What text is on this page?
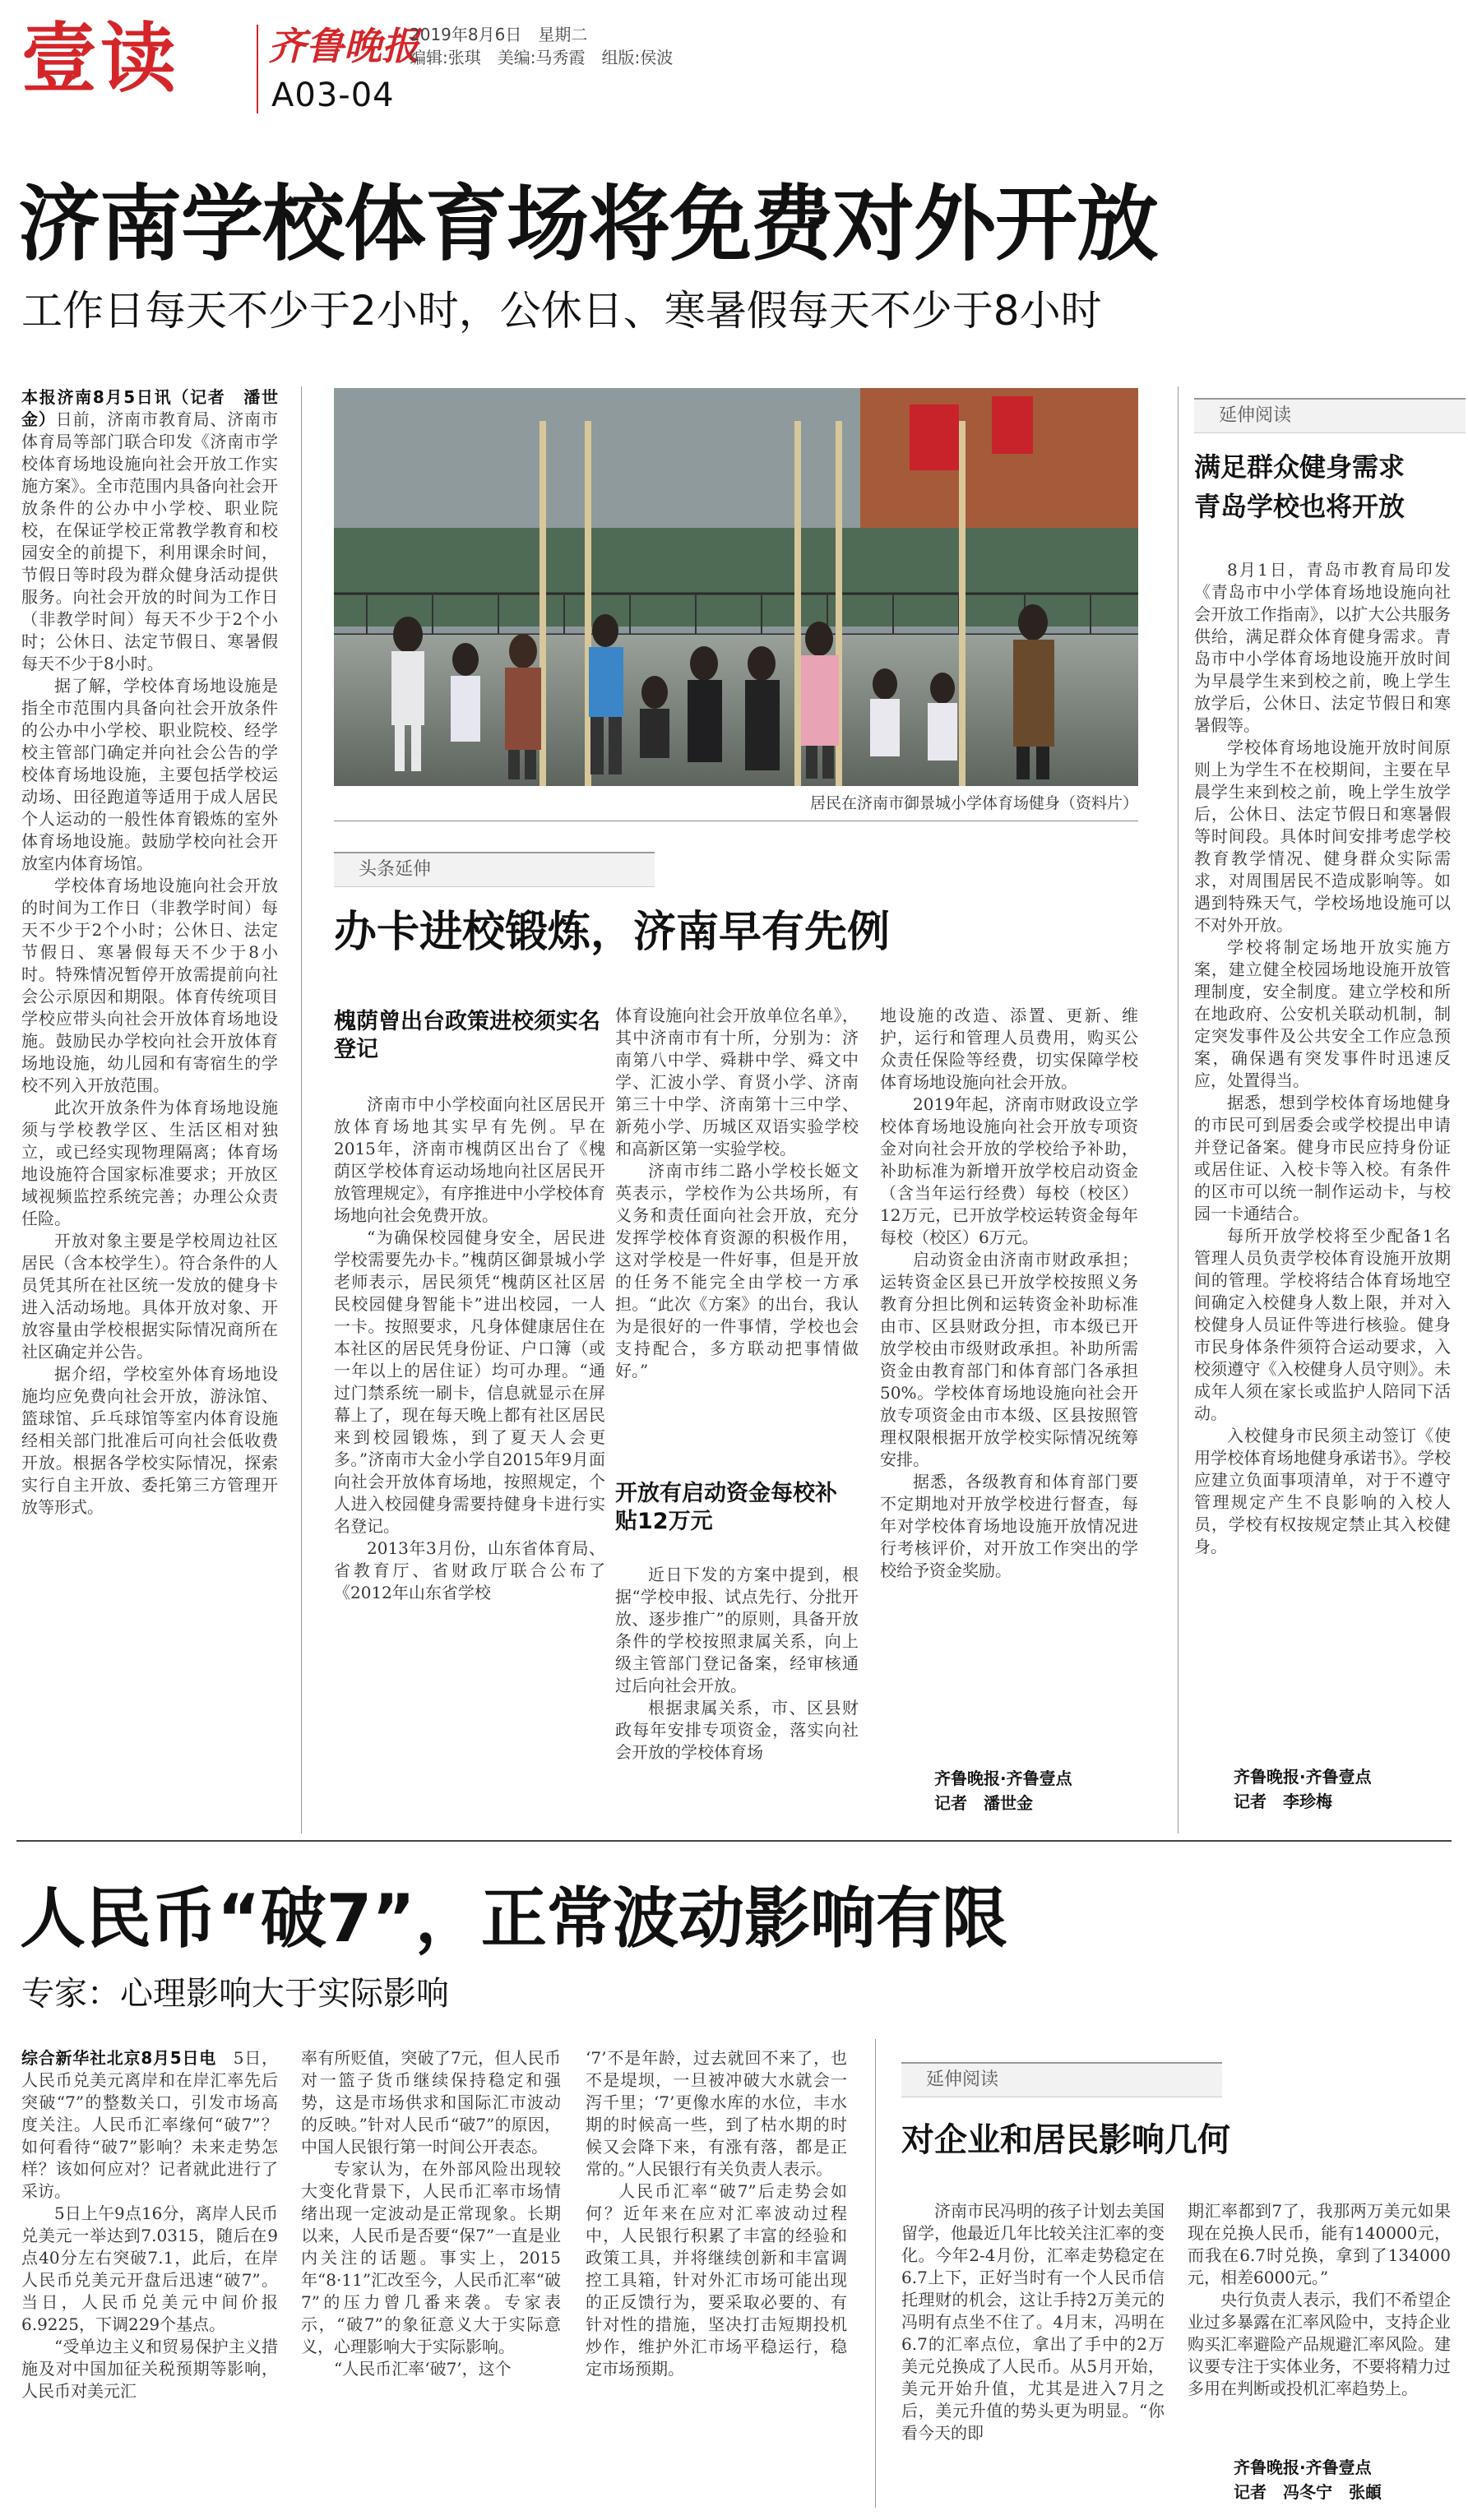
壹读 齐鲁晚报
2019年8月6日　星期二
编辑:张琪　美编:马秀霞　组版:侯波
A03-04
济南学校体育场将免费对外开放
工作日每天不少于2小时，公休日、寒暑假每天不少于8小时

本报济南8月5日讯（记者　潘世金）日前，济南市教育局、济南市体育局等部门联合印发《济南市学校体育场地设施向社会开放工作实施方案》。全市范围内具备向社会开放条件的公办中小学校、职业院校，在保证学校正常教学教育和校园安全的前提下，利用课余时间，节假日等时段为群众健身活动提供服务。向社会开放的时间为工作日（非教学时间）每天不少于2个小时；公休日、法定节假日、寒暑假每天不少于8小时。

据了解，学校体育场地设施是指全市范围内具备向社会开放条件的公办中小学校、职业院校、经学校主管部门确定并向社会公告的学校体育场地设施，主要包括学校运动场、田径跑道等适用于成人居民个人运动的一般性体育锻炼的室外体育场地设施。鼓励学校向社会开放室内体育场馆。

学校体育场地设施向社会开放的时间为工作日（非教学时间）每天不少于2个小时；公休日、法定节假日、寒暑假每天不少于8小时。特殊情况暂停开放需提前向社会公示原因和期限。体育传统项目学校应带头向社会开放体育场地设施。鼓励民办学校向社会开放体育场地设施，幼儿园和有寄宿生的学校不列入开放范围。

此次开放条件为体育场地设施须与学校教学区、生活区相对独立，或已经实现物理隔离；体育场地设施符合国家标准要求；开放区域视频监控系统完善；办理公众责任险。

开放对象主要是学校周边社区居民（含本校学生）。符合条件的人员凭其所在社区统一发放的健身卡进入活动场地。具体开放对象、开放容量由学校根据实际情况商所在社区确定并公告。

据介绍，学校室外体育场地设施均应免费向社会开放，游泳馆、篮球馆、乒乓球馆等室内体育设施经相关部门批准后可向社会低收费开放。根据各学校实际情况，探索实行自主开放、委托第三方管理开放等形式。

居民在济南市御景城小学体育场健身（资料片）
头条延伸
办卡进校锻炼，济南早有先例
槐荫曾出台政策进校须实名登记

济南市中小学校面向社区居民开放体育场地其实早有先例。早在2015年，济南市槐荫区出台了《槐荫区学校体育运动场地向社区居民开放管理规定》，有序推进中小学校体育场地向社会免费开放。

“为确保校园健身安全，居民进学校需要先办卡。”槐荫区御景城小学老师表示，居民须凭“槐荫区社区居民校园健身智能卡”进出校园，一人一卡。按照要求，凡身体健康居住在本社区的居民凭身份证、户口簿（或一年以上的居住证）均可办理。“通过门禁系统一刷卡，信息就显示在屏幕上了，现在每天晚上都有社区居民来到校园锻炼，到了夏天人会更多。”济南市大金小学自2015年9月面向社会开放体育场地，按照规定，个人进入校园健身需要持健身卡进行实名登记。

2013年3月份，山东省体育局、省教育厅、省财政厅联合公布了《2012年山东省学校

体育设施向社会开放单位名单》，其中济南市有十所，分别为：济南第八中学、舜耕中学、舜文中学、汇波小学、育贤小学、济南第三十中学、济南第十三中学、新苑小学、历城区双语实验学校和高新区第一实验学校。

济南市纬二路小学校长姬文英表示，学校作为公共场所，有义务和责任面向社会开放，充分发挥学校体育资源的积极作用，这对学校是一件好事，但是开放的任务不能完全由学校一方承担。“此次《方案》的出台，我认为是很好的一件事情，学校也会支持配合，多方联动把事情做好。”

开放有启动资金每校补贴12万元

近日下发的方案中提到，根据“学校申报、试点先行、分批开放、逐步推广”的原则，具备开放条件的学校按照隶属关系，向上级主管部门登记备案，经审核通过后向社会开放。

根据隶属关系，市、区县财政每年安排专项资金，落实向社会开放的学校体育场

地设施的改造、添置、更新、维护，运行和管理人员费用，购买公众责任保险等经费，切实保障学校体育场地设施向社会开放。

2019年起，济南市财政设立学校体育场地设施向社会开放专项资金对向社会开放的学校给予补助，补助标准为新增开放学校启动资金（含当年运行经费）每校（校区）12万元，已开放学校运转资金每年每校（校区）6万元。

启动资金由济南市财政承担；运转资金区县已开放学校按照义务教育分担比例和运转资金补助标准由市、区县财政分担，市本级已开放学校由市级财政承担。补助所需资金由教育部门和体育部门各承担50%。学校体育场地设施向社会开放专项资金由市本级、区县按照管理权限根据开放学校实际情况统筹安排。

据悉，各级教育和体育部门要不定期地对开放学校进行督查，每年对学校体育场地设施开放情况进行考核评价，对开放工作突出的学校给予资金奖励。

齐鲁晚报·齐鲁壹点
记者　潘世金
延伸阅读
满足群众健身需求
青岛学校也将开放

8月1日，青岛市教育局印发《青岛市中小学体育场地设施向社会开放工作指南》，以扩大公共服务供给，满足群众体育健身需求。青岛市中小学体育场地设施开放时间为早晨学生来到校之前，晚上学生放学后，公休日、法定节假日和寒暑假等。

学校体育场地设施开放时间原则上为学生不在校期间，主要在早晨学生来到校之前，晚上学生放学后，公休日、法定节假日和寒暑假等时间段。具体时间安排考虑学校教育教学情况、健身群众实际需求，对周围居民不造成影响等。如遇到特殊天气，学校场地设施可以不对外开放。

学校将制定场地开放实施方案，建立健全校园场地设施开放管理制度，安全制度。建立学校和所在地政府、公安机关联动机制，制定突发事件及公共安全工作应急预案，确保遇有突发事件时迅速反应，处置得当。

据悉，想到学校体育场地健身的市民可到居委会或学校提出申请并登记备案。健身市民应持身份证或居住证、入校卡等入校。有条件的区市可以统一制作运动卡，与校园一卡通结合。

每所开放学校将至少配备1名管理人员负责学校体育设施开放期间的管理。学校将结合体育场地空间确定入校健身人数上限，并对入校健身人员证件等进行核验。健身市民身体条件须符合运动要求，入校须遵守《入校健身人员守则》。未成年人须在家长或监护人陪同下活动。

入校健身市民须主动签订《使用学校体育场地健身承诺书》。学校应建立负面事项清单，对于不遵守管理规定产生不良影响的入校人员，学校有权按规定禁止其入校健身。

齐鲁晚报·齐鲁壹点
记者　李珍梅
人民币“破7”，正常波动影响有限
专家：心理影响大于实际影响

综合新华社北京8月5日电　 5日，人民币兑美元离岸和在岸汇率先后突破“7”的整数关口，引发市场高度关注。人民币汇率缘何“破7”？如何看待“破7”影响？未来走势怎样？该如何应对？记者就此进行了采访。

5日上午9点16分，离岸人民币兑美元一举达到7.0315，随后在9点40分左右突破7.1，此后，在岸人民币兑美元开盘后迅速“破7”。当日，人民币兑美元中间价报6.9225，下调229个基点。

“受单边主义和贸易保护主义措施及对中国加征关税预期等影响，人民币对美元汇

率有所贬值，突破了7元，但人民币对一篮子货币继续保持稳定和强势，这是市场供求和国际汇市波动的反映。”针对人民币“破7”的原因，中国人民银行第一时间公开表态。

专家认为，在外部风险出现较大变化背景下，人民币汇率市场情绪出现一定波动是正常现象。长期以来，人民币是否要“保7”一直是业内关注的话题。事实上，2015年“8·11”汇改至今，人民币汇率“破7”的压力曾几番来袭。专家表示，“破7”的象征意义大于实际意义，心理影响大于实际影响。

“人民币汇率‘破7’，这个

‘7’不是年龄，过去就回不来了，也不是堤坝，一旦被冲破大水就会一泻千里；‘7’更像水库的水位，丰水期的时候高一些，到了枯水期的时候又会降下来，有涨有落，都是正常的。”人民银行有关负责人表示。

人民币汇率“破7”后走势会如何？近年来在应对汇率波动过程中，人民银行积累了丰富的经验和政策工具，并将继续创新和丰富调控工具箱，针对外汇市场可能出现的正反馈行为，要采取必要的、有针对性的措施，坚决打击短期投机炒作，维护外汇市场平稳运行，稳定市场预期。

延伸阅读
对企业和居民影响几何

济南市民冯明的孩子计划去美国留学，他最近几年比较关注汇率的变化。今年2-4月份，汇率走势稳定在6.7上下，正好当时有一个人民币信托理财的机会，这让手持2万美元的冯明有点坐不住了。4月末，冯明在6.7的汇率点位，拿出了手中的2万美元兑换成了人民币。从5月开始，美元开始升值，尤其是进入7月之后，美元升值的势头更为明显。“你看今天的即

期汇率都到7了，我那两万美元如果现在兑换人民币，能有140000元，而我在6.7时兑换，拿到了134000元，相差6000元。”

央行负责人表示，我们不希望企业过多暴露在汇率风险中，支持企业购买汇率避险产品规避汇率风险。建议要专注于实体业务，不要将精力过多用在判断或投机汇率趋势上。

齐鲁晚报·齐鲁壹点
记者　冯冬宁　张頔
